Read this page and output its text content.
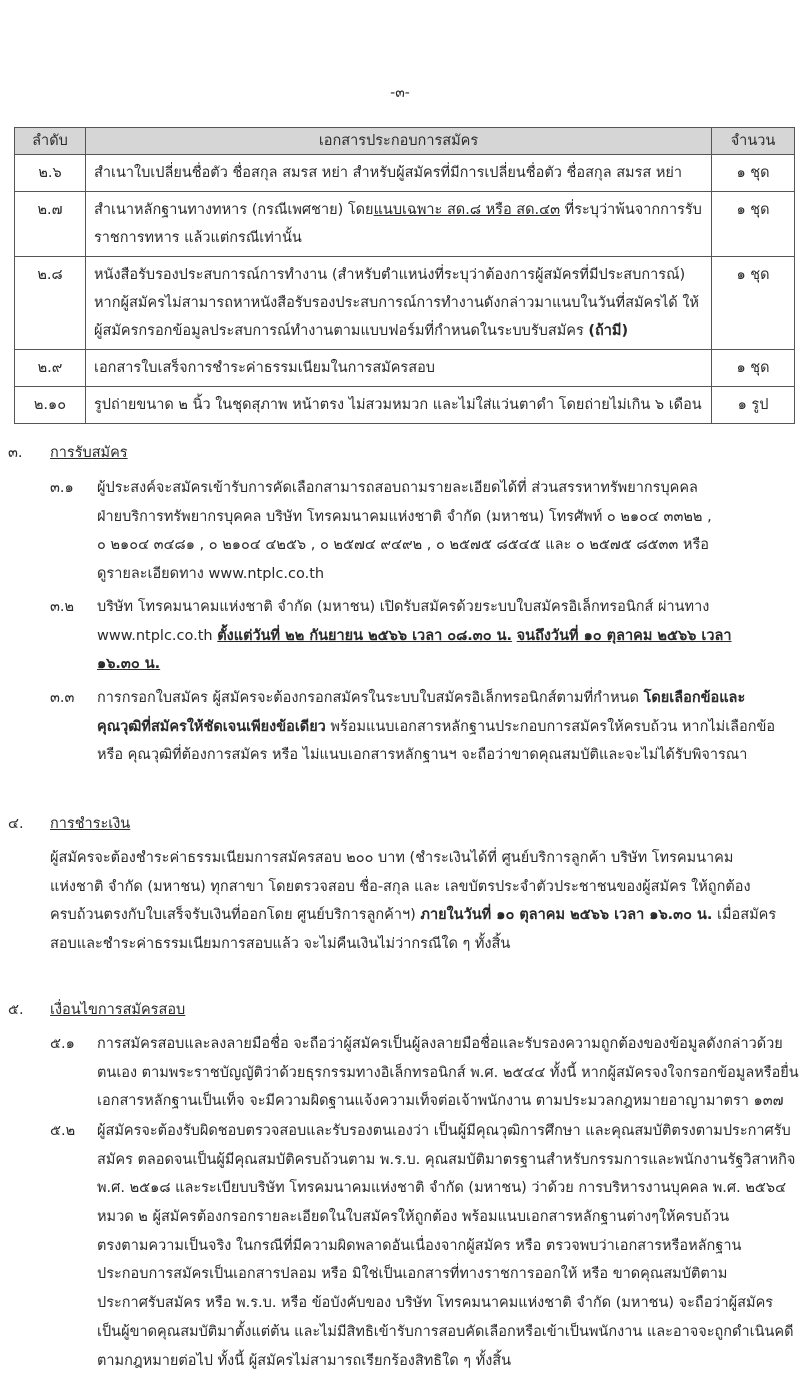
-๓-
ลำดับ	เอกสารประกอบการสมัคร	จำนวน
๒.๖	สำเนาใบเปลี่ยนชื่อตัว ชื่อสกุล สมรส หย่า สำหรับผู้สมัครที่มีการเปลี่ยนชื่อตัว ชื่อสกุล สมรส หย่า	๑ ชุด
๒.๗	สำเนาหลักฐานทางทหาร (กรณีเพศชาย) โดยแนบเฉพาะ สด.๘ หรือ สด.๔๓ ที่ระบุว่าพ้นจากการรับราชการทหาร แล้วแต่กรณีเท่านั้น	๑ ชุด
๒.๘	หนังสือรับรองประสบการณ์การทำงาน (สำหรับตำแหน่งที่ระบุว่าต้องการผู้สมัครที่มีประสบการณ์) หากผู้สมัครไม่สามารถหาหนังสือรับรองประสบการณ์การทำงานดังกล่าวมาแนบในวันที่สมัครได้ ให้ผู้สมัครกรอกข้อมูลประสบการณ์ทำงานตามแบบฟอร์มที่กำหนดในระบบรับสมัคร (ถ้ามี)	๑ ชุด
๒.๙	เอกสารใบเสร็จการชำระค่าธรรมเนียมในการสมัครสอบ	๑ ชุด
๒.๑๐	รูปถ่ายขนาด ๒ นิ้ว ในชุดสุภาพ หน้าตรง ไม่สวมหมวก และไม่ใส่แว่นตาดำ โดยถ่ายไม่เกิน ๖ เดือน	๑ รูป
๓. การรับสมัคร
๔. การชำระเงิน
๕. เงื่อนไขการสมัครสอบ
๓.๑ ผู้ประสงค์จะสมัครเข้ารับการคัดเลือกสามารถสอบถามรายละเอียดได้ที่ ส่วนสรรหาทรัพยากรบุคคล
ฝ่ายบริการทรัพยากรบุคคล บริษัท โทรคมนาคมแห่งชาติ จำกัด (มหาชน) โทรศัพท์ ๐ ๒๑๐๔ ๓๓๒๒ ,
๐ ๒๑๐๔ ๓๔๘๑ , ๐ ๒๑๐๔ ๔๒๕๖ , ๐ ๒๕๗๔ ๙๔๙๒ , ๐ ๒๕๗๕ ๘๕๔๕ และ ๐ ๒๕๗๕ ๘๕๓๓ หรือ
ดูรายละเอียดทาง www.ntplc.co.th
๓.๒ บริษัท โทรคมนาคมแห่งชาติ จำกัด (มหาชน) เปิดรับสมัครด้วยระบบใบสมัครอิเล็กทรอนิกส์ ผ่านทาง
www.ntplc.co.th ตั้งแต่วันที่ ๒๒ กันยายน ๒๕๖๖ เวลา ๐๘.๓๐ น. จนถึงวันที่ ๑๐ ตุลาคม ๒๕๖๖ เวลา
๑๖.๓๐ น.
๓.๓ การกรอกใบสมัคร ผู้สมัครจะต้องกรอกสมัครในระบบใบสมัครอิเล็กทรอนิกส์ตามที่กำหนด โดยเลือกข้อและ
คุณวุฒิที่สมัครให้ชัดเจนเพียงข้อเดียว พร้อมแนบเอกสารหลักฐานประกอบการสมัครให้ครบถ้วน หากไม่เลือกข้อ
หรือ คุณวุฒิที่ต้องการสมัคร หรือ ไม่แนบเอกสารหลักฐานฯ จะถือว่าขาดคุณสมบัติและจะไม่ได้รับพิจารณา
ผู้สมัครจะต้องชำระค่าธรรมเนียมการสมัครสอบ ๒๐๐ บาท (ชำระเงินได้ที่ ศูนย์บริการลูกค้า บริษัท โทรคมนาคม
แห่งชาติ จำกัด (มหาชน) ทุกสาขา โดยตรวจสอบ ชื่อ-สกุล และ เลขบัตรประจำตัวประชาชนของผู้สมัคร ให้ถูกต้อง
ครบถ้วนตรงกับใบเสร็จรับเงินที่ออกโดย ศูนย์บริการลูกค้าฯ) ภายในวันที่ ๑๐ ตุลาคม ๒๕๖๖ เวลา ๑๖.๓๐ น. เมื่อสมัคร
สอบและชำระค่าธรรมเนียมการสอบแล้ว จะไม่คืนเงินไม่ว่ากรณีใด ๆ ทั้งสิ้น
๕.๑ การสมัครสอบและลงลายมือชื่อ จะถือว่าผู้สมัครเป็นผู้ลงลายมือชื่อและรับรองความถูกต้องของข้อมูลดังกล่าวด้วย
ตนเอง ตามพระราชบัญญัติว่าด้วยธุรกรรมทางอิเล็กทรอนิกส์ พ.ศ. ๒๕๔๔ ทั้งนี้ หากผู้สมัครจงใจกรอกข้อมูลหรือยื่น
เอกสารหลักฐานเป็นเท็จ จะมีความผิดฐานแจ้งความเท็จต่อเจ้าพนักงาน ตามประมวลกฎหมายอาญามาตรา ๑๓๗
๕.๒ ผู้สมัครจะต้องรับผิดชอบตรวจสอบและรับรองตนเองว่า เป็นผู้มีคุณวุฒิการศึกษา และคุณสมบัติตรงตามประกาศรับ
สมัคร ตลอดจนเป็นผู้มีคุณสมบัติครบถ้วนตาม พ.ร.บ. คุณสมบัติมาตรฐานสำหรับกรรมการและพนักงานรัฐวิสาหกิจ
พ.ศ. ๒๕๑๘ และระเบียบบริษัท โทรคมนาคมแห่งชาติ จำกัด (มหาชน) ว่าด้วย การบริหารงานบุคคล พ.ศ. ๒๕๖๔
หมวด ๒ ผู้สมัครต้องกรอกรายละเอียดในใบสมัครให้ถูกต้อง พร้อมแนบเอกสารหลักฐานต่างๆให้ครบถ้วน
ตรงตามความเป็นจริง ในกรณีที่มีความผิดพลาดอันเนื่องจากผู้สมัคร หรือ ตรวจพบว่าเอกสารหรือหลักฐาน
ประกอบการสมัครเป็นเอกสารปลอม หรือ มิใช่เป็นเอกสารที่ทางราชการออกให้ หรือ ขาดคุณสมบัติตาม
ประกาศรับสมัคร หรือ พ.ร.บ. หรือ ข้อบังคับของ บริษัท โทรคมนาคมแห่งชาติ จำกัด (มหาชน) จะถือว่าผู้สมัคร
เป็นผู้ขาดคุณสมบัติมาตั้งแต่ต้น และไม่มีสิทธิเข้ารับการสอบคัดเลือกหรือเข้าเป็นพนักงาน และอาจจะถูกดำเนินคดี
ตามกฎหมายต่อไป ทั้งนี้ ผู้สมัครไม่สามารถเรียกร้องสิทธิใด ๆ ทั้งสิ้น
